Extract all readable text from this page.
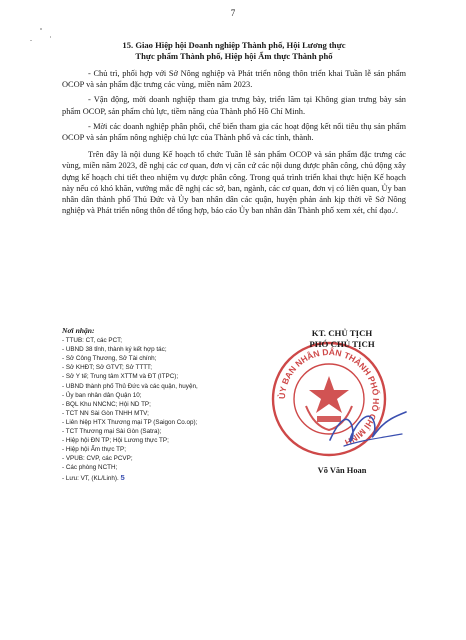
7
15. Giao Hiệp hội Doanh nghiệp Thành phố, Hội Lương thực
Thực phẩm Thành phố, Hiệp hội Ẩm thực Thành phố

- Chủ trì, phối hợp với Sở Nông nghiệp và Phát triển nông thôn triển khai Tuần lễ sản phẩm OCOP và sản phẩm đặc trưng các vùng, miền năm 2023.

- Vận động, mời doanh nghiệp tham gia trưng bày, triển lãm tại Không gian trưng bày sản phẩm OCOP, sản phẩm chủ lực, tiềm năng của Thành phố Hồ Chí Minh.

- Mời các doanh nghiệp phân phối, chế biến tham gia các hoạt động kết nối tiêu thụ sản phẩm OCOP và sản phẩm nông nghiệp chủ lực của Thành phố và các tỉnh, thành.

Trên đây là nội dung Kế hoạch tổ chức Tuần lễ sản phẩm OCOP và sản phẩm đặc trưng các vùng, miền năm 2023, đề nghị các cơ quan, đơn vị căn cứ các nội dung được phân công, chủ động xây dựng kế hoạch chi tiết theo nhiệm vụ được phân công. Trong quá trình triển khai thực hiện Kế hoạch này nếu có khó khăn, vướng mắc đề nghị các sở, ban, ngành, các cơ quan, đơn vị có liên quan, Ủy ban nhân dân thành phố Thủ Đức và Ủy ban nhân dân các quận, huyện phản ánh kịp thời về Sở Nông nghiệp và Phát triển nông thôn để tổng hợp, báo cáo Ủy ban nhân dân Thành phố xem xét, chỉ đạo./.

Nơi nhận:
- TTUB: CT, các PCT;
- UBND 38 tỉnh, thành ký kết hợp tác;
- Sở Công Thương, Sở Tài chính;
- Sở KHĐT; Sở GTVT; Sở TTTT;
- Sở Y tế; Trung tâm XTTM và ĐT (ITPC);
- UBND thành phố Thủ Đức và các quận, huyện,
- Ủy ban nhân dân Quận 10;
- BQL Khu NNCNC; Hội ND TP;
- TCT NN Sài Gòn TNHH MTV;
- Liên hiệp HTX Thương mại TP (Saigon Co.op);
- TCT Thương mại Sài Gòn (Satra);
- Hiệp hội ĐN TP; Hội Lương thực TP;
- Hiệp hội Ẩm thực TP;
- VPUB: CVP, các PCVP;
- Các phòng NCTH;
- Lưu: VT, (KL/Linh). 5
KT. CHỦ TỊCH
PHÓ CHỦ TỊCH
ỦY BAN NHÂN DÂN THÀNH PHỐ HỒ CHÍ MINH
Võ Văn Hoan
